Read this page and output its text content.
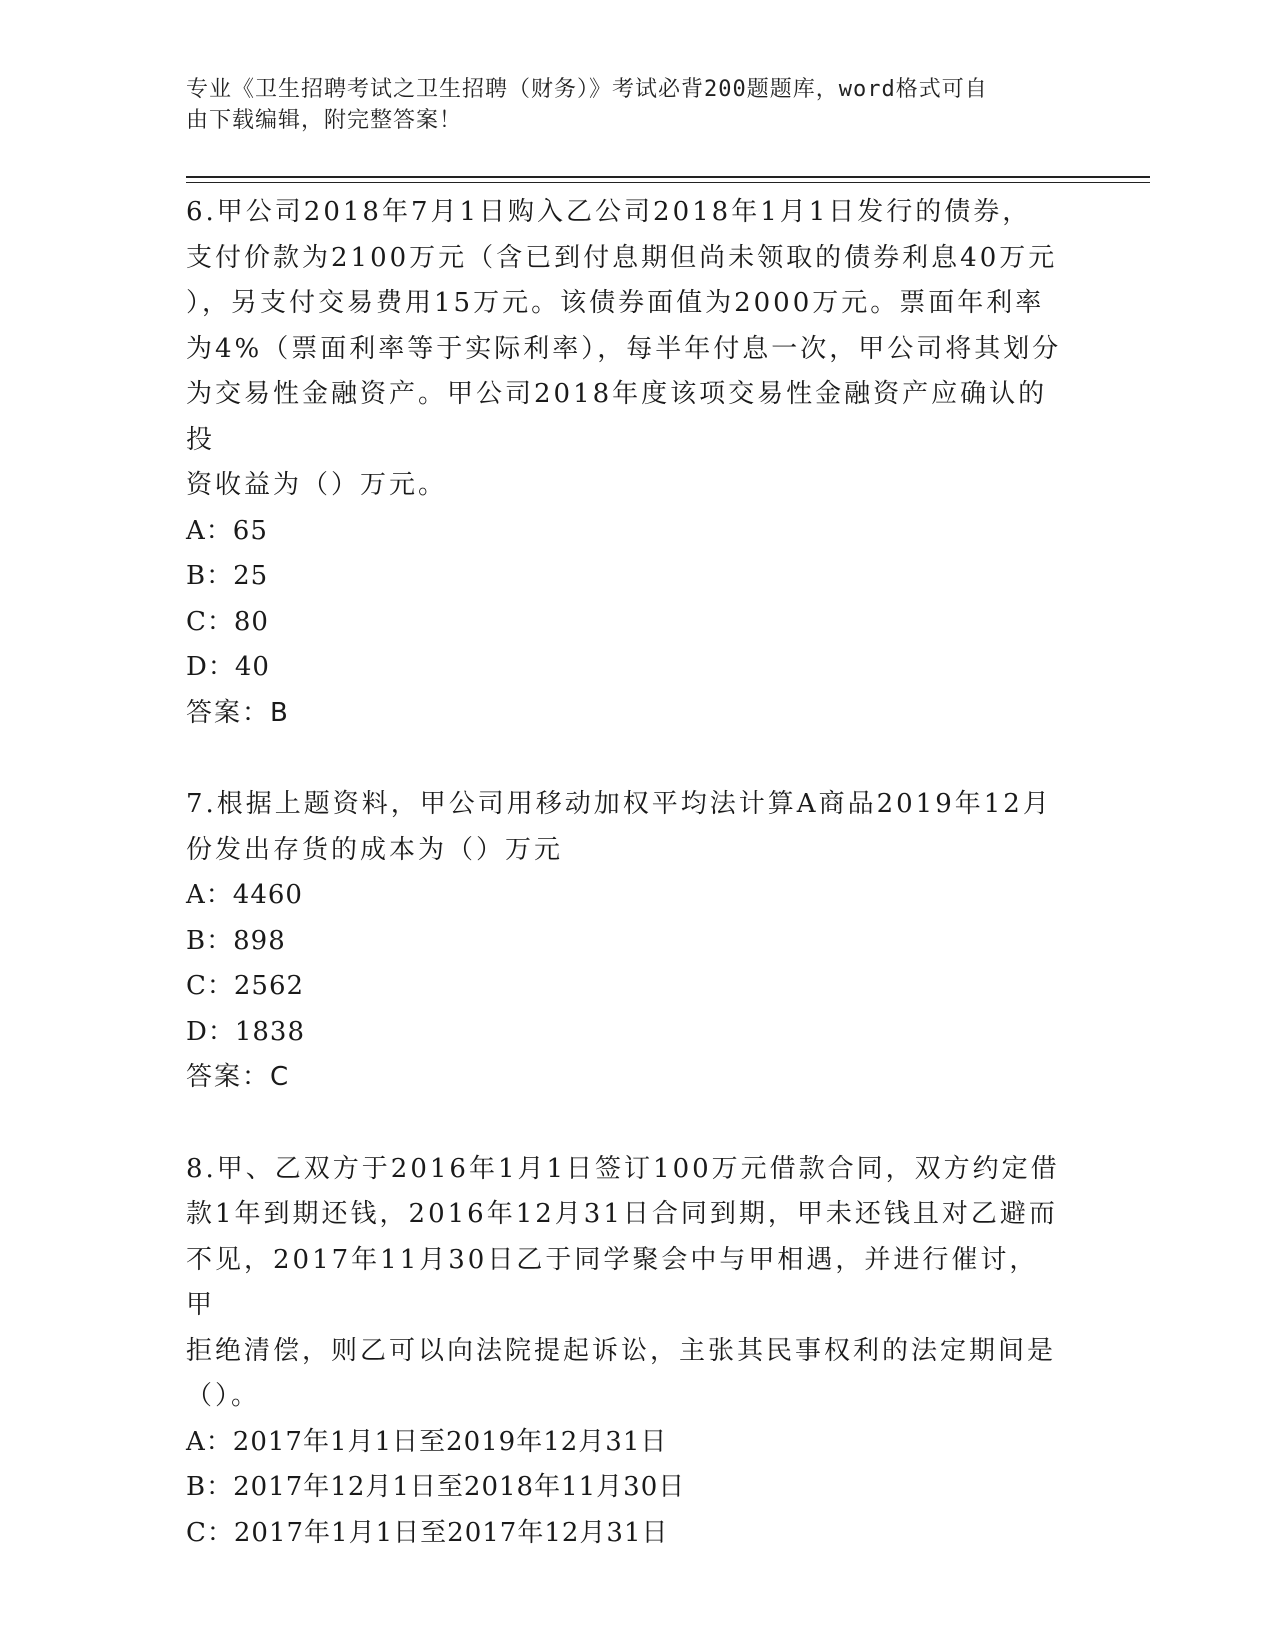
专业《卫生招聘考试之卫生招聘（财务）》考试必背200题题库，word格式可自
由下载编辑，附完整答案！

6.甲公司2018年7月1日购入乙公司2018年1月1日发行的债券，

支付价款为2100万元（含已到付息期但尚未领取的债券利息40万元

），另支付交易费用15万元。该债券面值为2000万元。票面年利率

为4%（票面利率等于实际利率），每半年付息一次，甲公司将其划分

为交易性金融资产。甲公司2018年度该项交易性金融资产应确认的投

资收益为（）万元。

A：65

B：25

C：80

D：40

答案：B

7.根据上题资料，甲公司用移动加权平均法计算A商品2019年12月

份发出存货的成本为（）万元

A：4460

B：898

C：2562

D：1838

答案：C

8.甲、乙双方于2016年1月1日签订100万元借款合同，双方约定借

款1年到期还钱，2016年12月31日合同到期，甲未还钱且对乙避而

不见，2017年11月30日乙于同学聚会中与甲相遇，并进行催讨，甲

拒绝清偿，则乙可以向法院提起诉讼，主张其民事权利的法定期间是

（）。

A：2017年1月1日至2019年12月31日

B：2017年12月1日至2018年11月30日

C：2017年1月1日至2017年12月31日
